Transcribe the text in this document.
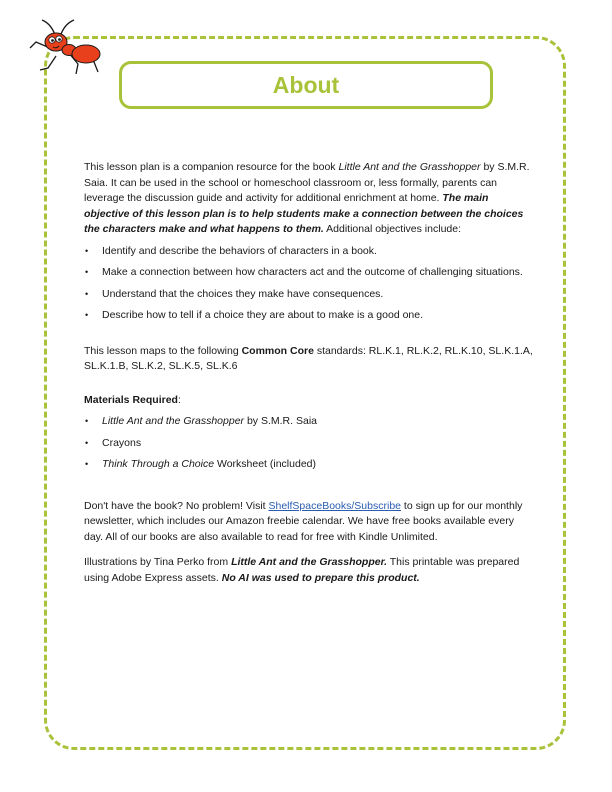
About

This lesson plan is a companion resource for the book Little Ant and the Grasshopper by S.M.R. Saia. It can be used in the school or homeschool classroom or, less formally, parents can leverage the discussion guide and activity for additional enrichment at home. The main objective of this lesson plan is to help students make a connection between the choices the characters make and what happens to them. Additional objectives include:

• Identify and describe the behaviors of characters in a book.
• Make a connection between how characters act and the outcome of challenging situations.
• Understand that the choices they make have consequences.
• Describe how to tell if a choice they are about to make is a good one.

This lesson maps to the following Common Core standards: RL.K.1, RL.K.2, RL.K.10, SL.K.1.A, SL.K.1.B, SL.K.2, SL.K.5, SL.K.6

Materials Required:

• Little Ant and the Grasshopper by S.M.R. Saia
• Crayons
• Think Through a Choice Worksheet (included)

Don't have the book? No problem! Visit ShelfSpaceBooks/Subscribe to sign up for our monthly newsletter, which includes our Amazon freebie calendar. We have free books available every day. All of our books are also available to read for free with Kindle Unlimited.

Illustrations by Tina Perko from Little Ant and the Grasshopper. This printable was prepared using Adobe Express assets. No AI was used to prepare this product.
